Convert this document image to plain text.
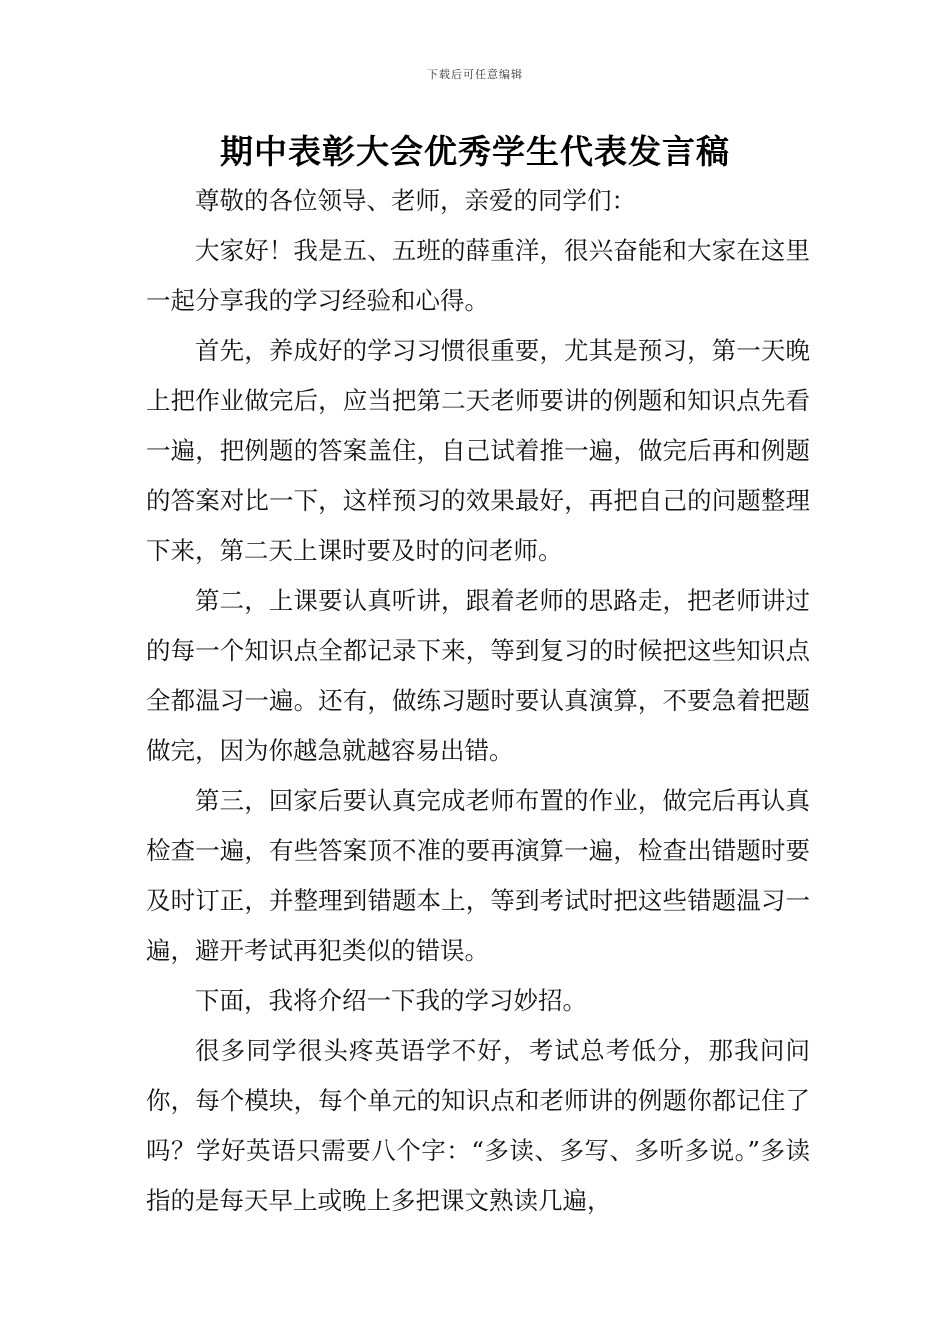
下载后可任意编辑
期中表彰大会优秀学生代表发言稿

尊敬的各位领导、老师，亲爱的同学们：

大家好！我是五、五班的薛重洋，很兴奋能和大家在这里一起分享我的学习经验和心得。

首先，养成好的学习习惯很重要，尤其是预习，第一天晚上把作业做完后，应当把第二天老师要讲的例题和知识点先看一遍，把例题的答案盖住，自己试着推一遍，做完后再和例题的答案对比一下，这样预习的效果最好，再把自己的问题整理下来，第二天上课时要及时的问老师。

第二，上课要认真听讲，跟着老师的思路走，把老师讲过的每一个知识点全都记录下来，等到复习的时候把这些知识点全都温习一遍。还有，做练习题时要认真演算，不要急着把题做完，因为你越急就越容易出错。

第三，回家后要认真完成老师布置的作业，做完后再认真检查一遍，有些答案顶不准的要再演算一遍，检查出错题时要及时订正，并整理到错题本上，等到考试时把这些错题温习一遍，避开考试再犯类似的错误。

下面，我将介绍一下我的学习妙招。

很多同学很头疼英语学不好，考试总考低分，那我问问你，每个模块，每个单元的知识点和老师讲的例题你都记住了吗？学好英语只需要八个字：“多读、多写、多听多说。”多读指的是每天早上或晚上多把课文熟读几遍，
